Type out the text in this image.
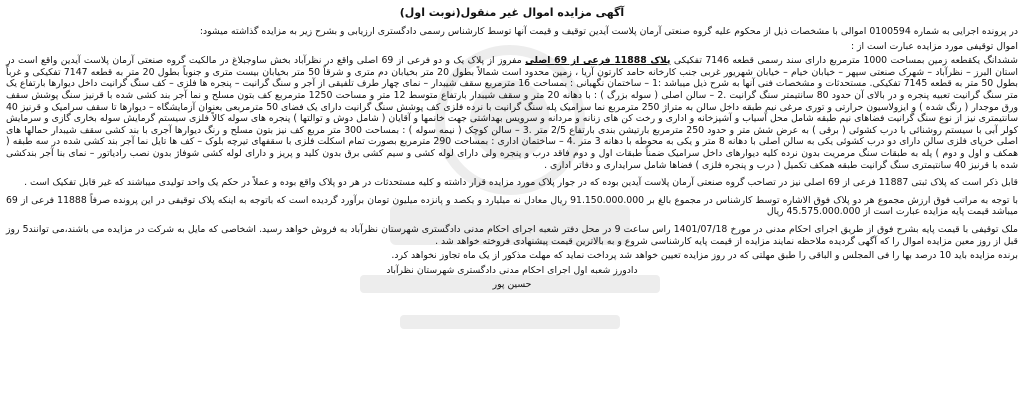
آگهی مزایده اموال غیر منقول(نوبت اول)

در پرونده اجرایی به شماره 0100594 اموالی با مشخصات ذیل از محکوم علیه گروه صنعتی آرمان پلاست آیدین توقیف و قیمت آنها توسط کارشناس رسمی دادگستری ارزیابی و بشرح زیر به مزایده گذاشته میشود:

اموال توقیفی مورد مزایده عبارت است از :

ششدانگ یکقطعه زمین بمساحت 1000 مترمربع دارای سند رسمی قطعه 7146 تفکیکی پلاک 11888 فرعی از 69 اصلی مفروز از پلاک یک و دو فرعی از 69 اصلی واقع در نظرآباد بخش ساوجبلاغ در مالکیت گروه صنعتی آرمان پلاست آیدین واقع است در استان البرز – نظرآباد – شهرک صنعتی سپهر – خیابان خیام – خیابان شهریور غربی جنب کارخانه حامد کارتون آریا ، زمین محدود است شمالاً بطول 20 متر بخیابان دم متری و شرقاً 50 متر بخیابان بیست متری و جنوباً بطول 20 متر به قطعه 7147 تفکیکی و غرباً بطول 50 متر به قطعه 7145 تفکیکی. مستحدثات و مشخصات فنی آنها به شرح ذیل میباشد :1 – ساختمان نگهبانی : بمساحت 16 مترمربع سقف شیبدار – نمای چهار طرف تلفیقی از آجر و سنگ گرانیت – پنجره ها فلزی – کف سنگ گرانیت داخل دیوارها بارتفاع یک متر سنگ گرانیت تعبیه پنجره و در بالای آن حدود 80 سانتیمتر سنگ گرانیت .2 – سالن اصلی ( سوله بزرگ ) : با دهانه 20 متر و سقف شیبدار بارتفاع متوسط 12 متر و مساحت 1250 مترمربع کف بتون مسلح و نما آجر بند کشی شده با قرنیز سنگ پوشش سقف ورق موجدار ( رنگ شده ) و ایزولاسیون حرارتی و توری مرغی نیم طبقه داخل سالن به متراژ 250 مترمربع نما سرامیک پله سنگ گرانیت با نرده فلزی کف پوشش سنگ گرانیت دارای یک فضای 50 مترمربعی بعنوان آزمایشگاه – دیوارها تا سقف سرامیک و قرنیز 40 سانتیمتری نیز از نوع سنگ گرانیت فضاهای نیم طبقه شامل محل آسیاب و آشپزخانه و اداری و رخت کن های زنانه و مردانه و سرویس بهداشتی جهت خانمها و آقایان ( شامل دوش و توالتها ) پنجره های سوله کالاً فلزی سیستم گرمایش سوله بخاری گازی و سرمایش کولر آبی با سیستم روشنائی با درب کشوئی ( برقی ) به عرض شش متر و حدود 250 مترمربع بارتیشن بندی بارتفاع 2/5 متر .3 – سالن کوچک ( نیمه سوله ) : بمساحت 300 متر مربع کف نیز بتون مسلح و رنگ دیوارها آجری با بند کشی سقف شیبدار حمالها های اصلی خرپای فلزی سالن دارای دو درب کشوئی یکی به سالن اصلی با دهانه 8 متر و یکی به محوطه با دهانه 3 متر .4 – ساختمان اداری : بمساحت 290 مترمربع بصورت تمام اسکلت فلزی با سقفهای تیرچه بلوک – کف ها تایل نما آجر بند کشی شده در سه طبقه ( همکف و اول و دوم ) پله به طبقات سنگ مرمریت بدون نرده کلیه دیوارهای داخل سرامیک ضمناً طبقات اول و دوم فاقد درب و پنجره ولی دارای لوله کشی و سیم کشی برق بدون کلید و پریز و دارای لوله کشی شوفاژ بدون نصب رادیاتور – نمای بنا آجر بندکشی شده با قرنیز 40 سانتیمتری سنگ گرانیت طبقه همکف تکمیل ( درب و پنجره فلزی ) فضاها شامل سرایداری و دفاتر اداری .

قابل ذکر است که پلاک ثبتی 11887 فرعی از 69 اصلی نیز در تصاحب گروه صنعتی آرمان پلاست آیدین بوده که در جوار پلاک مورد مزایده قرار داشته و کلیه مستحدثات در هر دو پلاک واقع بوده و عملاً در حکم یک واحد تولیدی میباشند که غیر قابل تفکیک است .

با توجه به مراتب فوق ارزش مجموع هر دو پلاک فوق الاشاره توسط کارشناس در مجموع بالغ بر 91.150.000.000 ریال معادل نه میلیارد و یکصد و پانزده میلیون تومان برآورد گردیده است که باتوجه به اینکه پلاک توقیفی در این پرونده صرفاً 11888 فرعی از 69 میباشد قیمت پایه مزایده عبارت است از 45.575.000.000 ریال

ملک توقیفی با قیمت پایه بشرح فوق از طریق اجرای احکام مدنی در مورخ 1401/07/18 راس ساعت 9 در محل دفتر شعبه اجرای احکام مدنی دادگستری شهرستان نظرآباد به فروش خواهد رسید. اشخاصی که مایل به شرکت در مزایده می باشند،می توانند5 روز قبل از روز معین مزایده اموال را که آگهی گردیده ملاحظه نمایند مزایده از قیمت پایه کارشناسی شروع و به بالاترین قیمت پیشنهادی فروخته خواهد شد .

برنده مزایده باید 10 درصد بها را فی المجلس و الباقی را طبق مهلتی که در روز مزایده تعیین خواهد شد پرداخت نماید که مهلت مذکور از یک ماه تجاوز نخواهد کرد.

دادورز شعبه اول اجرای احکام مدنی دادگستری شهرستان نظرآباد

حسین پور
